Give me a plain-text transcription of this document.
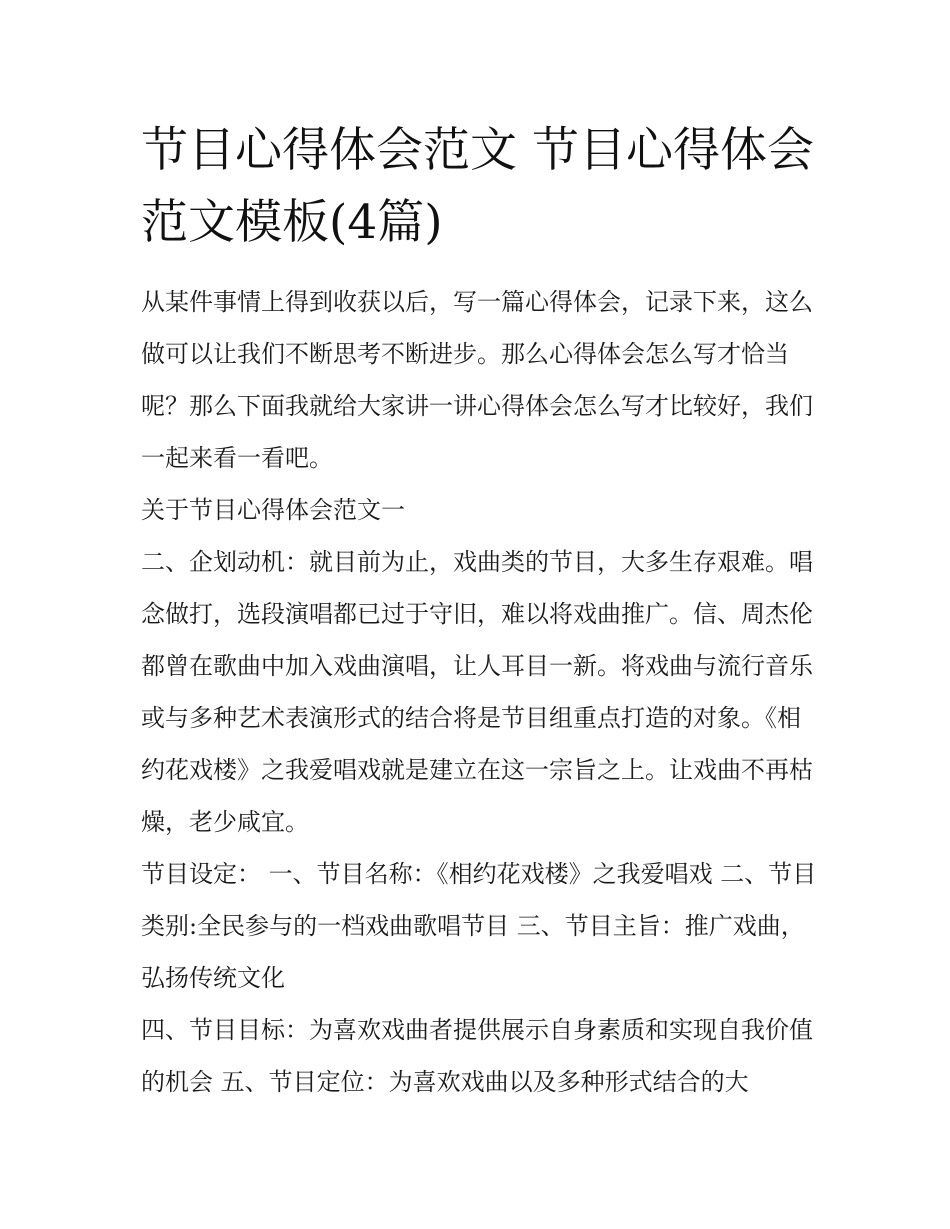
节目心得体会范文 节目心得体会范文模板(4篇)

从某件事情上得到收获以后，写一篇心得体会，记录下来，这么做可以让我们不断思考不断进步。那么心得体会怎么写才恰当呢？那么下面我就给大家讲一讲心得体会怎么写才比较好，我们一起来看一看吧。

关于节目心得体会范文一

二、企划动机：就目前为止，戏曲类的节目，大多生存艰难。唱念做打，选段演唱都已过于守旧，难以将戏曲推广。信、周杰伦都曾在歌曲中加入戏曲演唱，让人耳目一新。将戏曲与流行音乐或与多种艺术表演形式的结合将是节目组重点打造的对象。《相约花戏楼》之我爱唱戏就是建立在这一宗旨之上。让戏曲不再枯燥，老少咸宜。

节目设定： 一、节目名称：《相约花戏楼》之我爱唱戏 二、节目类别:全民参与的一档戏曲歌唱节目 三、节目主旨：推广戏曲，弘扬传统文化

四、节目目标：为喜欢戏曲者提供展示自身素质和实现自我价值的机会 五、节目定位：为喜欢戏曲以及多种形式结合的大
